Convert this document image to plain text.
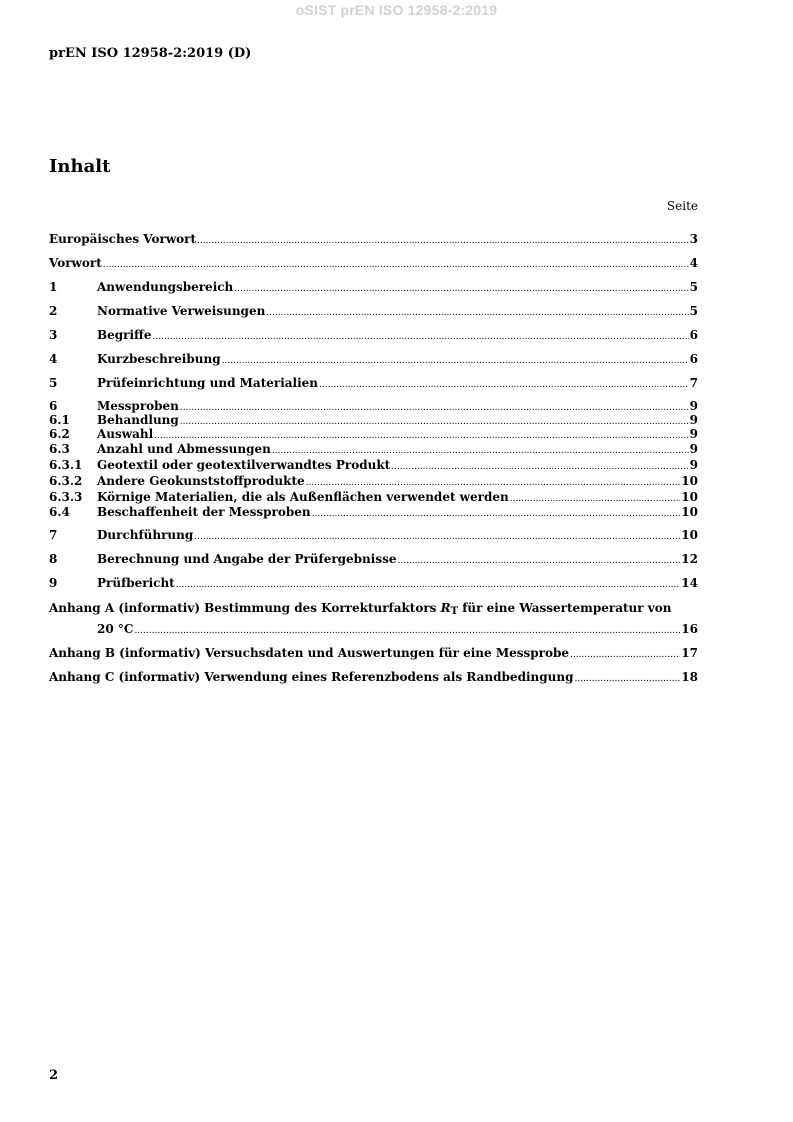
oSIST prEN ISO 12958-2:2019
prEN ISO 12958-2:2019 (D)
Inhalt
Seite
Europäisches Vorwort .....	3
Vorwort .....	4
1	Anwendungsbereich .....	5
2	Normative Verweisungen .....	5
3	Begriffe .....	6
4	Kurzbeschreibung .....	6
5	Prüfeinrichtung und Materialien .....	7
6	Messproben .....	9
6.1	Behandlung .....	9
6.2	Auswahl .....	9
6.3	Anzahl und Abmessungen .....	9
6.3.1	Geotextil oder geotextilverwandtes Produkt .....	9
6.3.2	Andere Geokunststoffprodukte .....	10
6.3.3	Körnige Materialien, die als Außenflächen verwendet werden .....	10
6.4	Beschaffenheit der Messproben .....	10
7	Durchführung .....	10
8	Berechnung und Angabe der Prüfergebnisse .....	12
9	Prüfbericht .....	14
Anhang A (informativ) Bestimmung des Korrekturfaktors $R_T$ für eine Wassertemperatur von
20 °C .....	16
Anhang B (informativ) Versuchsdaten und Auswertungen für eine Messprobe .....	17
Anhang C (informativ) Verwendung eines Referenzbodens als Randbedingung .....	18
2
